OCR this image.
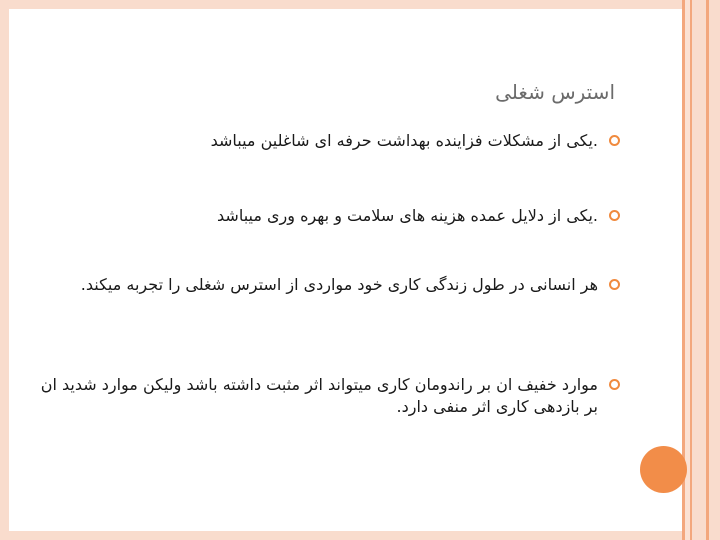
استرس شغلی
.یکی از مشکلات فزاینده بهداشت حرفه ای شاغلین میباشد
.یکی از دلایل عمده هزینه های سلامت و بهره وری میباشد
هر انسانی در طول زندگی کاری خود مواردی از استرس شغلی را تجربه میکند.
موارد خفیف ان بر راندومان کاری میتواند اثر مثبت داشته باشد ولیکن موارد شدید ان بر بازدهی کاری اثر منفی دارد.
